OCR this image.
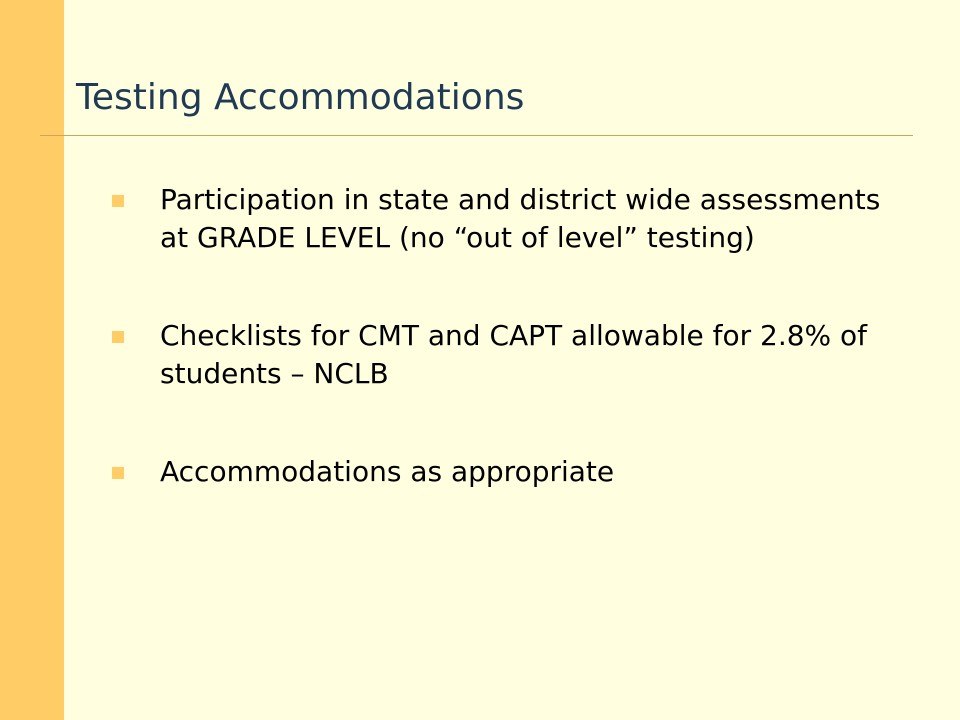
Testing Accommodations
Participation in state and district wide assessments at GRADE LEVEL (no “out of level” testing)
Checklists for CMT and CAPT allowable for 2.8% of students – NCLB
Accommodations as appropriate
